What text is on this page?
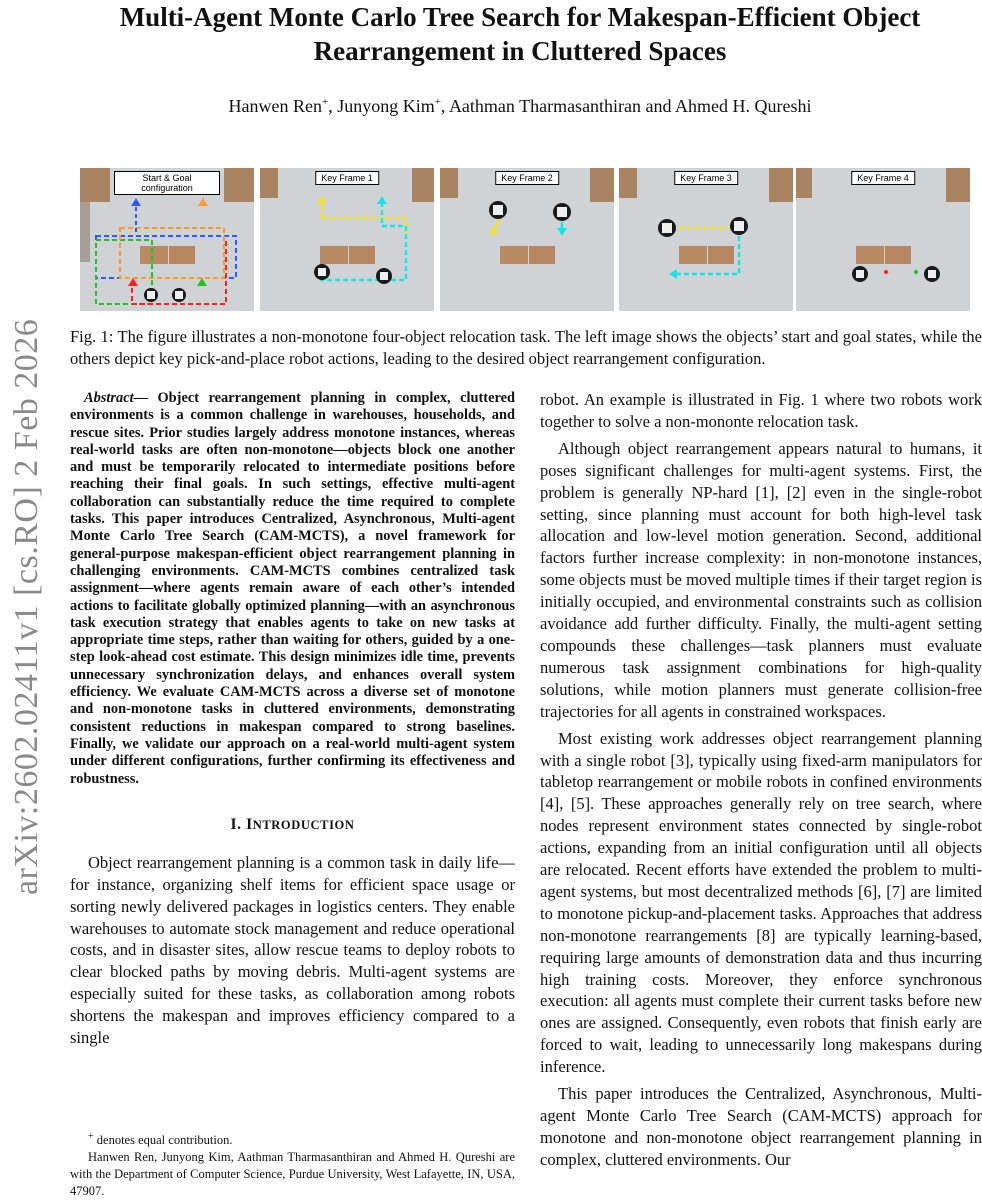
arXiv:2602.02411v1 [cs.RO] 2 Feb 2026
Multi-Agent Monte Carlo Tree Search for Makespan-Efficient Object Rearrangement in Cluttered Spaces
Hanwen Ren+, Junyong Kim+, Aathman Tharmasanthiran and Ahmed H. Qureshi
Start & Goal configuration
Key Frame 1	Key Frame 2	Key Frame 3	Key Frame 4

Fig. 1: The figure illustrates a non-monotone four-object relocation task. The left image shows the objects’ start and goal states, while the others depict key pick-and-place robot actions, leading to the desired object rearrangement configuration.

Abstract— Object rearrangement planning in complex, cluttered environments is a common challenge in warehouses, households, and rescue sites. Prior studies largely address monotone instances, whereas real-world tasks are often non-monotone—objects block one another and must be temporarily relocated to intermediate positions before reaching their final goals. In such settings, effective multi-agent collaboration can substantially reduce the time required to complete tasks. This paper introduces Centralized, Asynchronous, Multi-agent Monte Carlo Tree Search (CAM-MCTS), a novel framework for general-purpose makespan-efficient object rearrangement planning in challenging environments. CAM-MCTS combines centralized task assignment—where agents remain aware of each other’s intended actions to facilitate globally optimized planning—with an asynchronous task execution strategy that enables agents to take on new tasks at appropriate time steps, rather than waiting for others, guided by a one-step look-ahead cost estimate. This design minimizes idle time, prevents unnecessary synchronization delays, and enhances overall system efficiency. We evaluate CAM-MCTS across a diverse set of monotone and non-monotone tasks in cluttered environments, demonstrating consistent reductions in makespan compared to strong baselines. Finally, we validate our approach on a real-world multi-agent system under different configurations, further confirming its effectiveness and robustness.

I. INTRODUCTION

Object rearrangement planning is a common task in daily life—for instance, organizing shelf items for efficient space usage or sorting newly delivered packages in logistics centers. They enable warehouses to automate stock management and reduce operational costs, and in disaster sites, allow rescue teams to deploy robots to clear blocked paths by moving debris. Multi-agent systems are especially suited for these tasks, as collaboration among robots shortens the makespan and improves efficiency compared to a single

robot. An example is illustrated in Fig. 1 where two robots work together to solve a non-mononte relocation task.

Although object rearrangement appears natural to humans, it poses significant challenges for multi-agent systems. First, the problem is generally NP-hard [1], [2] even in the single-robot setting, since planning must account for both high-level task allocation and low-level motion generation. Second, additional factors further increase complexity: in non-monotone instances, some objects must be moved multiple times if their target region is initially occupied, and environmental constraints such as collision avoidance add further difficulty. Finally, the multi-agent setting compounds these challenges—task planners must evaluate numerous task assignment combinations for high-quality solutions, while motion planners must generate collision-free trajectories for all agents in constrained workspaces.

Most existing work addresses object rearrangement planning with a single robot [3], typically using fixed-arm manipulators for tabletop rearrangement or mobile robots in confined environments [4], [5]. These approaches generally rely on tree search, where nodes represent environment states connected by single-robot actions, expanding from an initial configuration until all objects are relocated. Recent efforts have extended the problem to multi-agent systems, but most decentralized methods [6], [7] are limited to monotone pickup-and-placement tasks. Approaches that address non-monotone rearrangements [8] are typically learning-based, requiring large amounts of demonstration data and thus incurring high training costs. Moreover, they enforce synchronous execution: all agents must complete their current tasks before new ones are assigned. Consequently, even robots that finish early are forced to wait, leading to unnecessarily long makespans during inference.

This paper introduces the Centralized, Asynchronous, Multi-agent Monte Carlo Tree Search (CAM-MCTS) approach for monotone and non-monotone object rearrangement planning in complex, cluttered environments. Our

+ denotes equal contribution.

Hanwen Ren, Junyong Kim, Aathman Tharmasanthiran and Ahmed H. Qureshi are with the Department of Computer Science, Purdue University, West Lafayette, IN, USA, 47907.
